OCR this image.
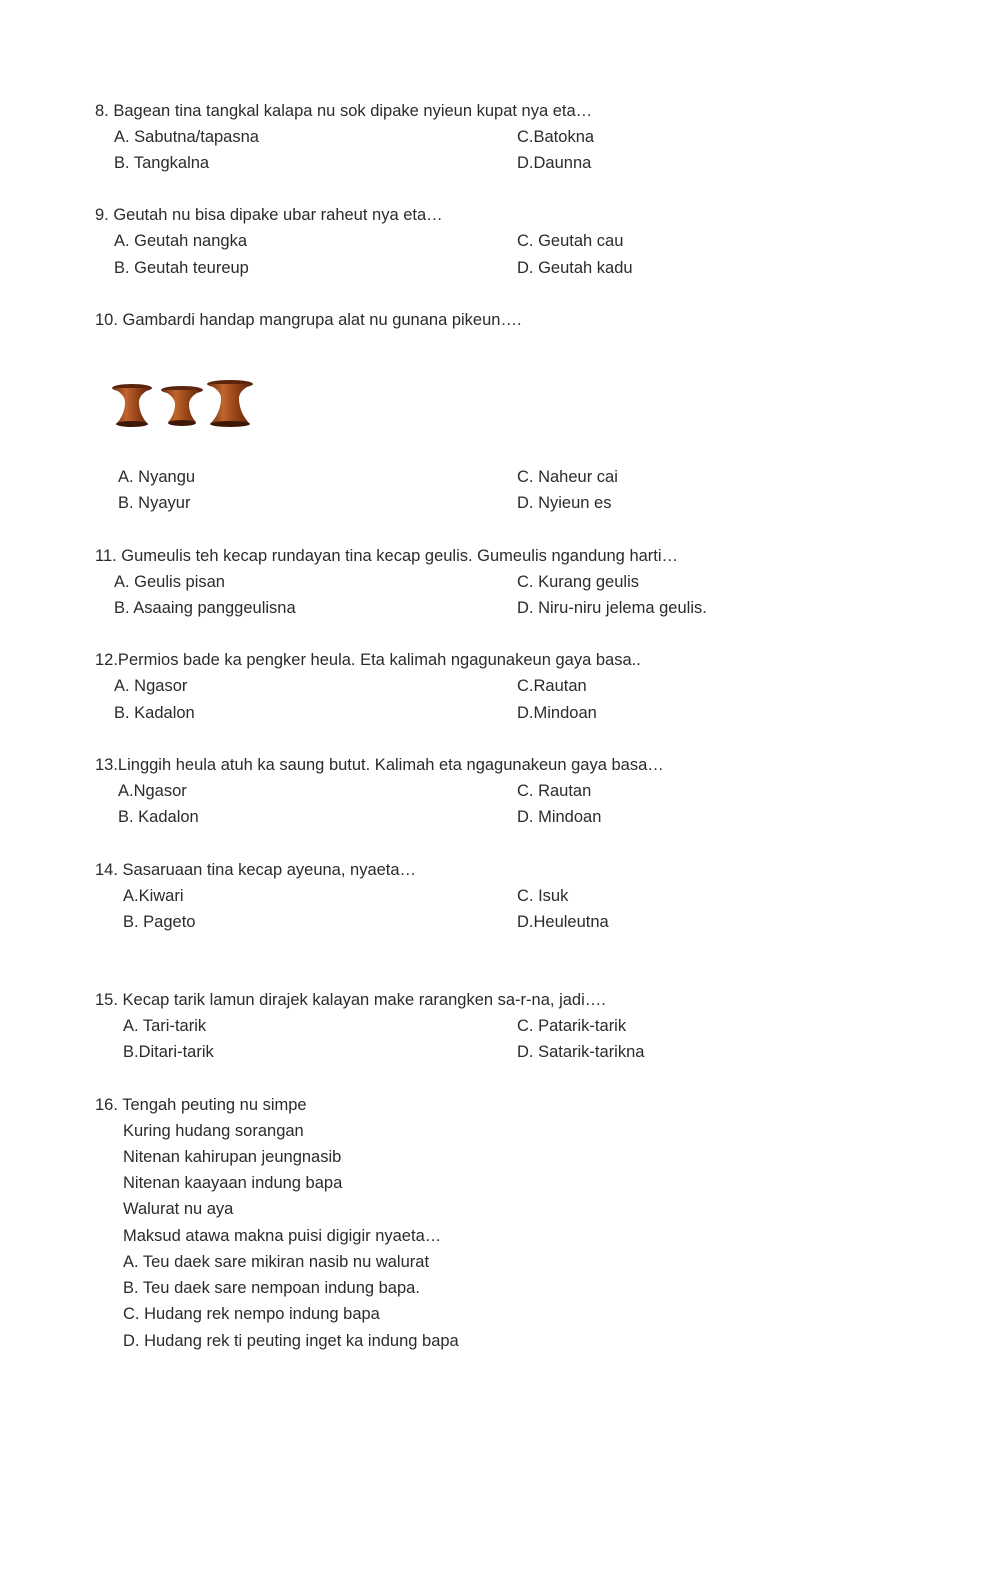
8. Bagean tina tangkal kalapa nu sok dipake nyieun kupat nya eta…
A. Sabutna/tapasna
B. Tangkalna
C.Batokna
D.Daunna
9. Geutah nu bisa dipake ubar raheut nya eta…
A. Geutah nangka
B. Geutah teureup
C. Geutah cau
D. Geutah kadu
10. Gambardi handap mangrupa alat nu gunana pikeun….
A. Nyangu
B. Nyayur
C. Naheur cai
D. Nyieun es
11. Gumeulis teh kecap rundayan tina kecap geulis. Gumeulis ngandung harti…
A. Geulis pisan
B. Asaaing panggeulisna
C. Kurang geulis
D. Niru-niru jelema geulis.
12.Permios bade ka pengker heula. Eta kalimah ngagunakeun gaya basa..
A. Ngasor
B. Kadalon
C.Rautan
D.Mindoan
13.Linggih heula atuh ka saung butut. Kalimah eta ngagunakeun gaya basa…
A.Ngasor
B. Kadalon
C. Rautan
D. Mindoan
14. Sasaruaan tina kecap ayeuna, nyaeta…
A.Kiwari
B. Pageto
C. Isuk
D.Heuleutna
15. Kecap tarik lamun dirajek kalayan make rarangken sa-r-na, jadi….
A. Tari-tarik
B.Ditari-tarik
C. Patarik-tarik
D. Satarik-tarikna
16. Tengah peuting nu simpe
Kuring hudang sorangan
Nitenan kahirupan jeungnasib
Nitenan kaayaan indung bapa
Walurat nu aya
Maksud atawa makna puisi digigir nyaeta…
A. Teu daek sare mikiran nasib nu walurat
B. Teu daek sare nempoan indung bapa.
C. Hudang rek nempo indung bapa
D. Hudang rek ti peuting inget ka indung bapa
